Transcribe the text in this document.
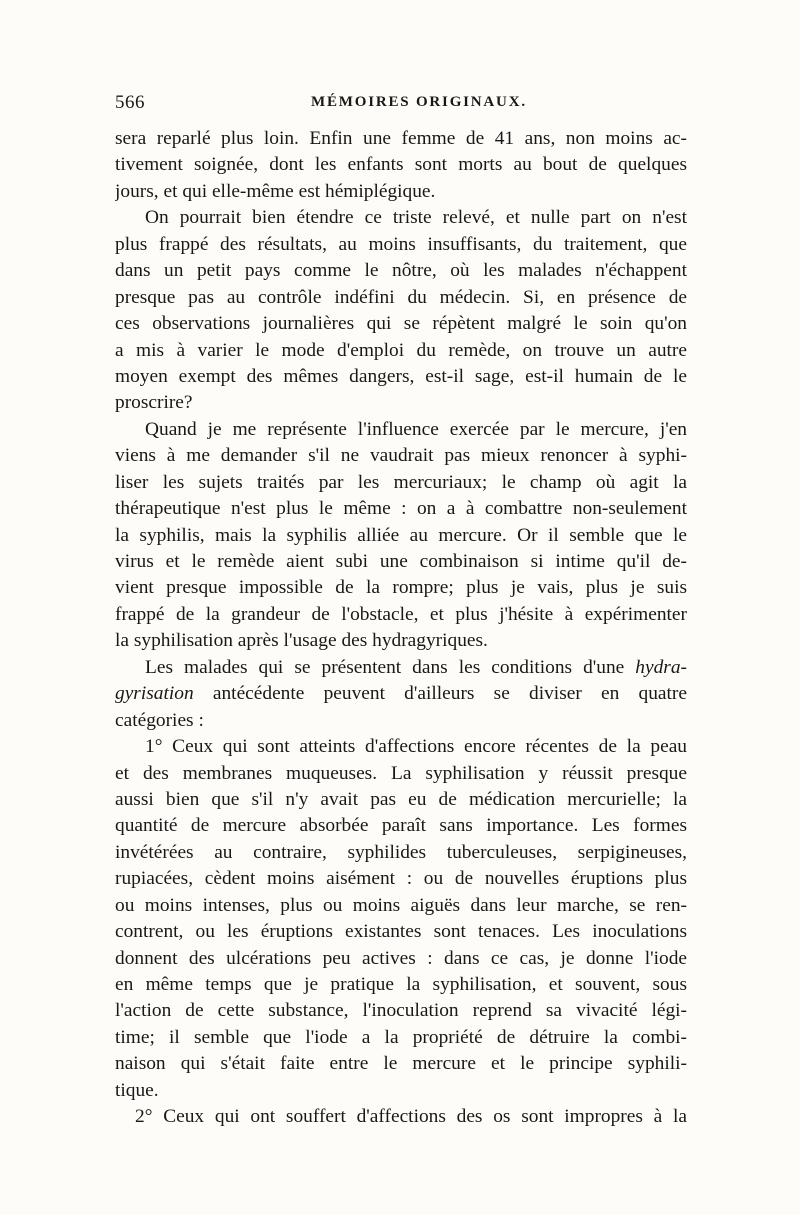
566	MÉMOIRES ORIGINAUX.
sera reparlé plus loin. Enfin une femme de 41 ans, non moins ac-
tivement soignée, dont les enfants sont morts au bout de quelques
jours, et qui elle-même est hémiplégique.
On pourrait bien étendre ce triste relevé, et nulle part on n'est
plus frappé des résultats, au moins insuffisants, du traitement, que
dans un petit pays comme le nôtre, où les malades n'échappent
presque pas au contrôle indéfini du médecin. Si, en présence de
ces observations journalières qui se répètent malgré le soin qu'on
a mis à varier le mode d'emploi du remède, on trouve un autre
moyen exempt des mêmes dangers, est-il sage, est-il humain de le
proscrire?
Quand je me représente l'influence exercée par le mercure, j'en
viens à me demander s'il ne vaudrait pas mieux renoncer à syphi-
liser les sujets traités par les mercuriaux; le champ où agit la
thérapeutique n'est plus le même : on a à combattre non-seulement
la syphilis, mais la syphilis alliée au mercure. Or il semble que le
virus et le remède aient subi une combinaison si intime qu'il de-
vient presque impossible de la rompre; plus je vais, plus je suis
frappé de la grandeur de l'obstacle, et plus j'hésite à expérimenter
la syphilisation après l'usage des hydragyriques.
Les malades qui se présentent dans les conditions d'une hydra-
gyrisation antécédente peuvent d'ailleurs se diviser en quatre
catégories :
1° Ceux qui sont atteints d'affections encore récentes de la peau
et des membranes muqueuses. La syphilisation y réussit presque
aussi bien que s'il n'y avait pas eu de médication mercurielle; la
quantité de mercure absorbée paraît sans importance. Les formes
invétérées au contraire, syphilides tuberculeuses, serpigineuses,
rupiacées, cèdent moins aisément : ou de nouvelles éruptions plus
ou moins intenses, plus ou moins aiguës dans leur marche, se ren-
contrent, ou les éruptions existantes sont tenaces. Les inoculations
donnent des ulcérations peu actives : dans ce cas, je donne l'iode
en même temps que je pratique la syphilisation, et souvent, sous
l'action de cette substance, l'inoculation reprend sa vivacité légi-
time; il semble que l'iode a la propriété de détruire la combi-
naison qui s'était faite entre le mercure et le principe syphili-
tique.
2° Ceux qui ont souffert d'affections des os sont impropres à la
